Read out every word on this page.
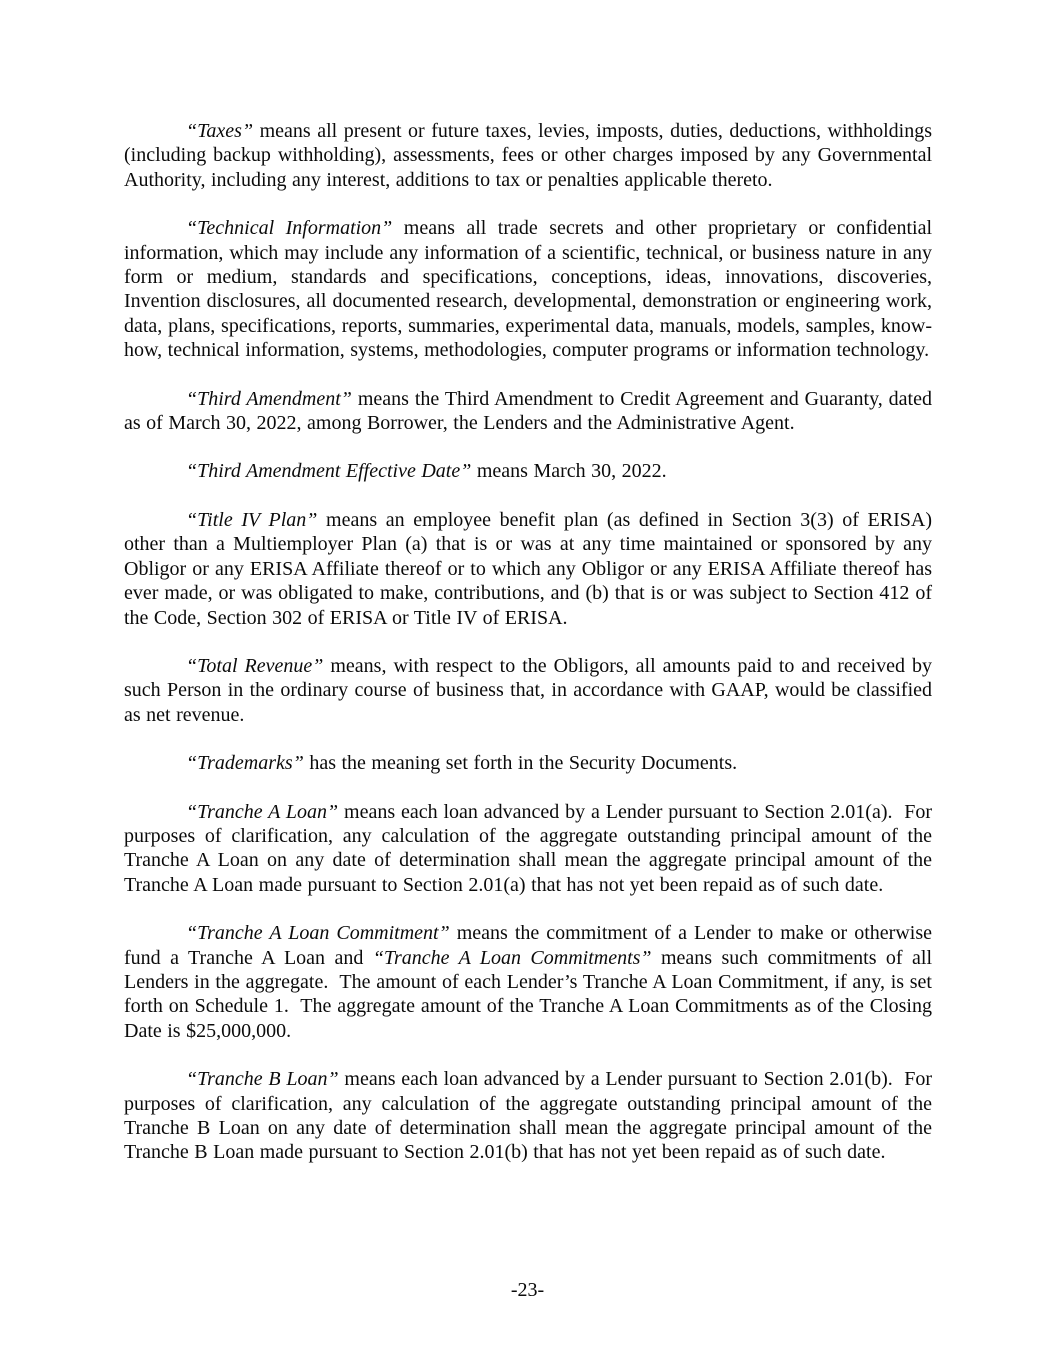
“Taxes” means all present or future taxes, levies, imposts, duties, deductions, withholdings (including backup withholding), assessments, fees or other charges imposed by any Governmental Authority, including any interest, additions to tax or penalties applicable thereto.

“Technical Information” means all trade secrets and other proprietary or confidential information, which may include any information of a scientific, technical, or business nature in any form or medium, standards and specifications, conceptions, ideas, innovations, discoveries, Invention disclosures, all documented research, developmental, demonstration or engineering work, data, plans, specifications, reports, summaries, experimental data, manuals, models, samples, know-how, technical information, systems, methodologies, computer programs or information technology.

“Third Amendment” means the Third Amendment to Credit Agreement and Guaranty, dated as of March 30, 2022, among Borrower, the Lenders and the Administrative Agent.

“Third Amendment Effective Date” means March 30, 2022.

“Title IV Plan” means an employee benefit plan (as defined in Section 3(3) of ERISA) other than a Multiemployer Plan (a) that is or was at any time maintained or sponsored by any Obligor or any ERISA Affiliate thereof or to which any Obligor or any ERISA Affiliate thereof has ever made, or was obligated to make, contributions, and (b) that is or was subject to Section 412 of the Code, Section 302 of ERISA or Title IV of ERISA.

“Total Revenue” means, with respect to the Obligors, all amounts paid to and received by such Person in the ordinary course of business that, in accordance with GAAP, would be classified as net revenue.

“Trademarks” has the meaning set forth in the Security Documents.

“Tranche A Loan” means each loan advanced by a Lender pursuant to Section 2.01(a).  For purposes of clarification, any calculation of the aggregate outstanding principal amount of the Tranche A Loan on any date of determination shall mean the aggregate principal amount of the Tranche A Loan made pursuant to Section 2.01(a) that has not yet been repaid as of such date.

“Tranche A Loan Commitment” means the commitment of a Lender to make or otherwise fund a Tranche A Loan and “Tranche A Loan Commitments” means such commitments of all Lenders in the aggregate.  The amount of each Lender’s Tranche A Loan Commitment, if any, is set forth on Schedule 1.  The aggregate amount of the Tranche A Loan Commitments as of the Closing Date is $25,000,000.

“Tranche B Loan” means each loan advanced by a Lender pursuant to Section 2.01(b).  For purposes of clarification, any calculation of the aggregate outstanding principal amount of the Tranche B Loan on any date of determination shall mean the aggregate principal amount of the Tranche B Loan made pursuant to Section 2.01(b) that has not yet been repaid as of such date.

-23-
